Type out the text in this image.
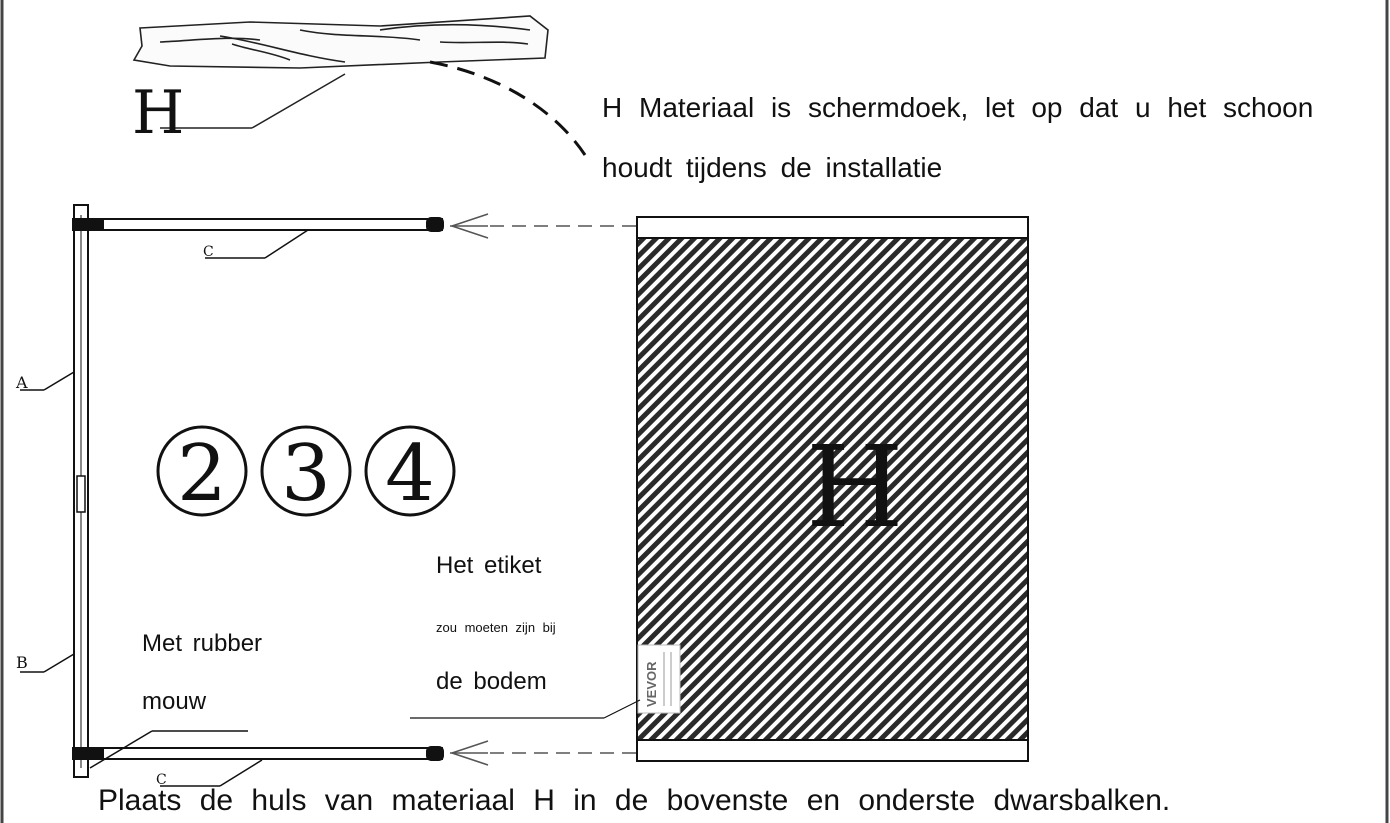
H
A
B
C
C
H
VEVOR
2 3 4
H Materiaal is schermdoek, let op dat u het schoon
houdt tijdens de installatie
Het etiket
zou moeten zijn bij
de bodem
Met rubber
mouw
Plaats de huls van materiaal H in de bovenste en onderste dwarsbalken.
